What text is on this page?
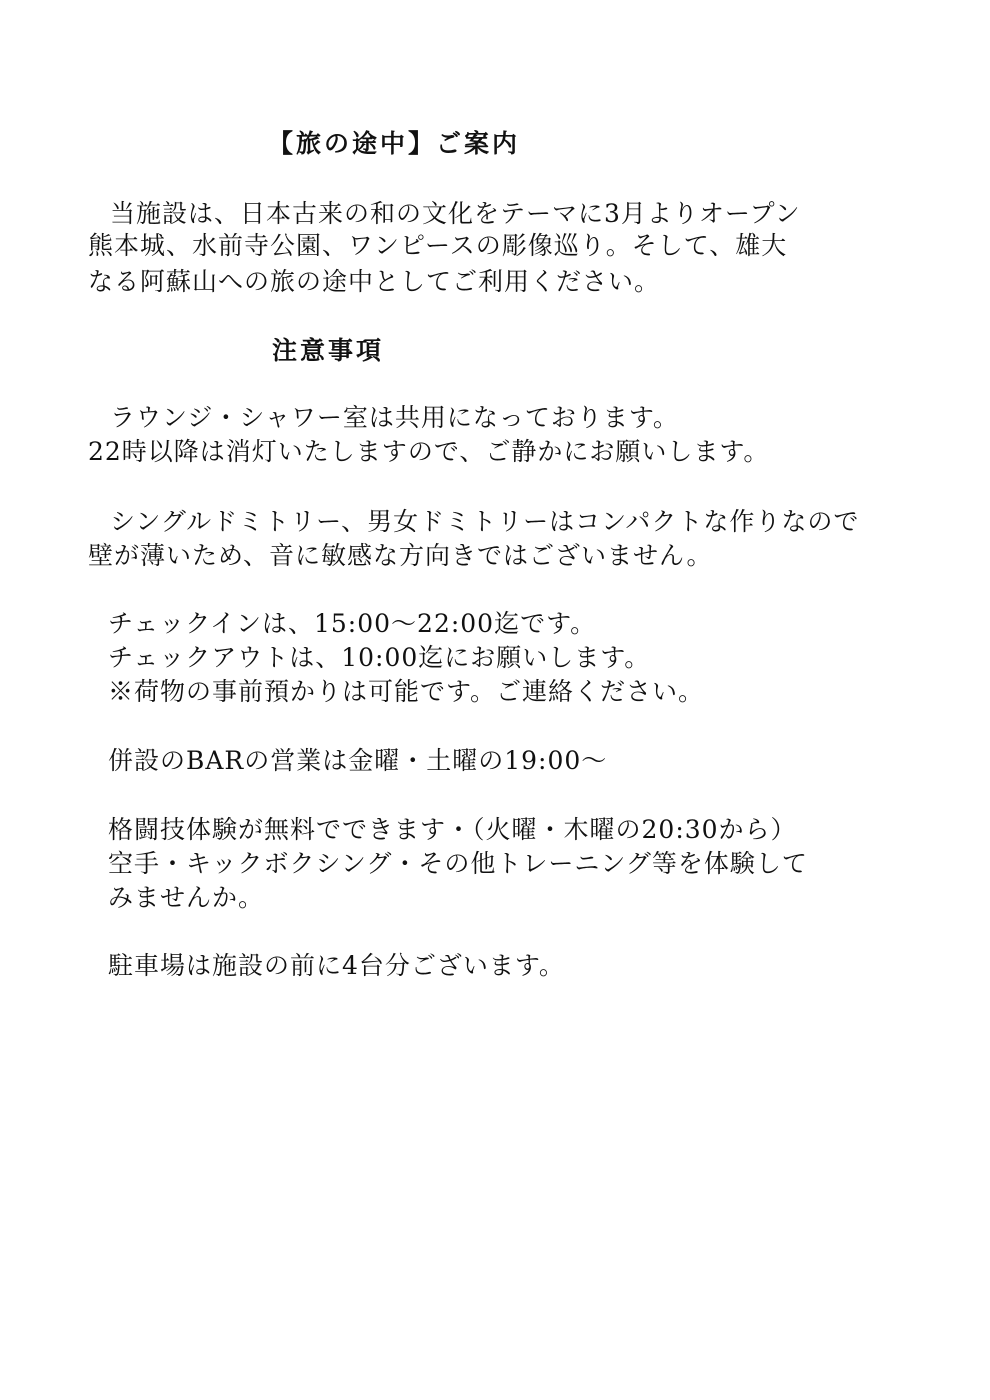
【旅の途中】ご案内

当施設は、日本古来の和の文化をテーマに3月よりオープン

熊本城、水前寺公園、ワンピースの彫像巡り。そして、雄大

なる阿蘇山への旅の途中としてご利用ください。

注意事項

ラウンジ・シャワー室は共用になっております。

22時以降は消灯いたしますので、ご静かにお願いします。

シングルドミトリー、男女ドミトリーはコンパクトな作りなので

壁が薄いため、音に敏感な方向きではございません。

チェックインは、15:00～22:00迄です。

チェックアウトは、10:00迄にお願いします。

※荷物の事前預かりは可能です。ご連絡ください。

併設のBARの営業は金曜・土曜の19:00～

格闘技体験が無料でできます・（火曜・木曜の20:30から）

空手・キックボクシング・その他トレーニング等を体験して

みませんか。

駐車場は施設の前に4台分ございます。
